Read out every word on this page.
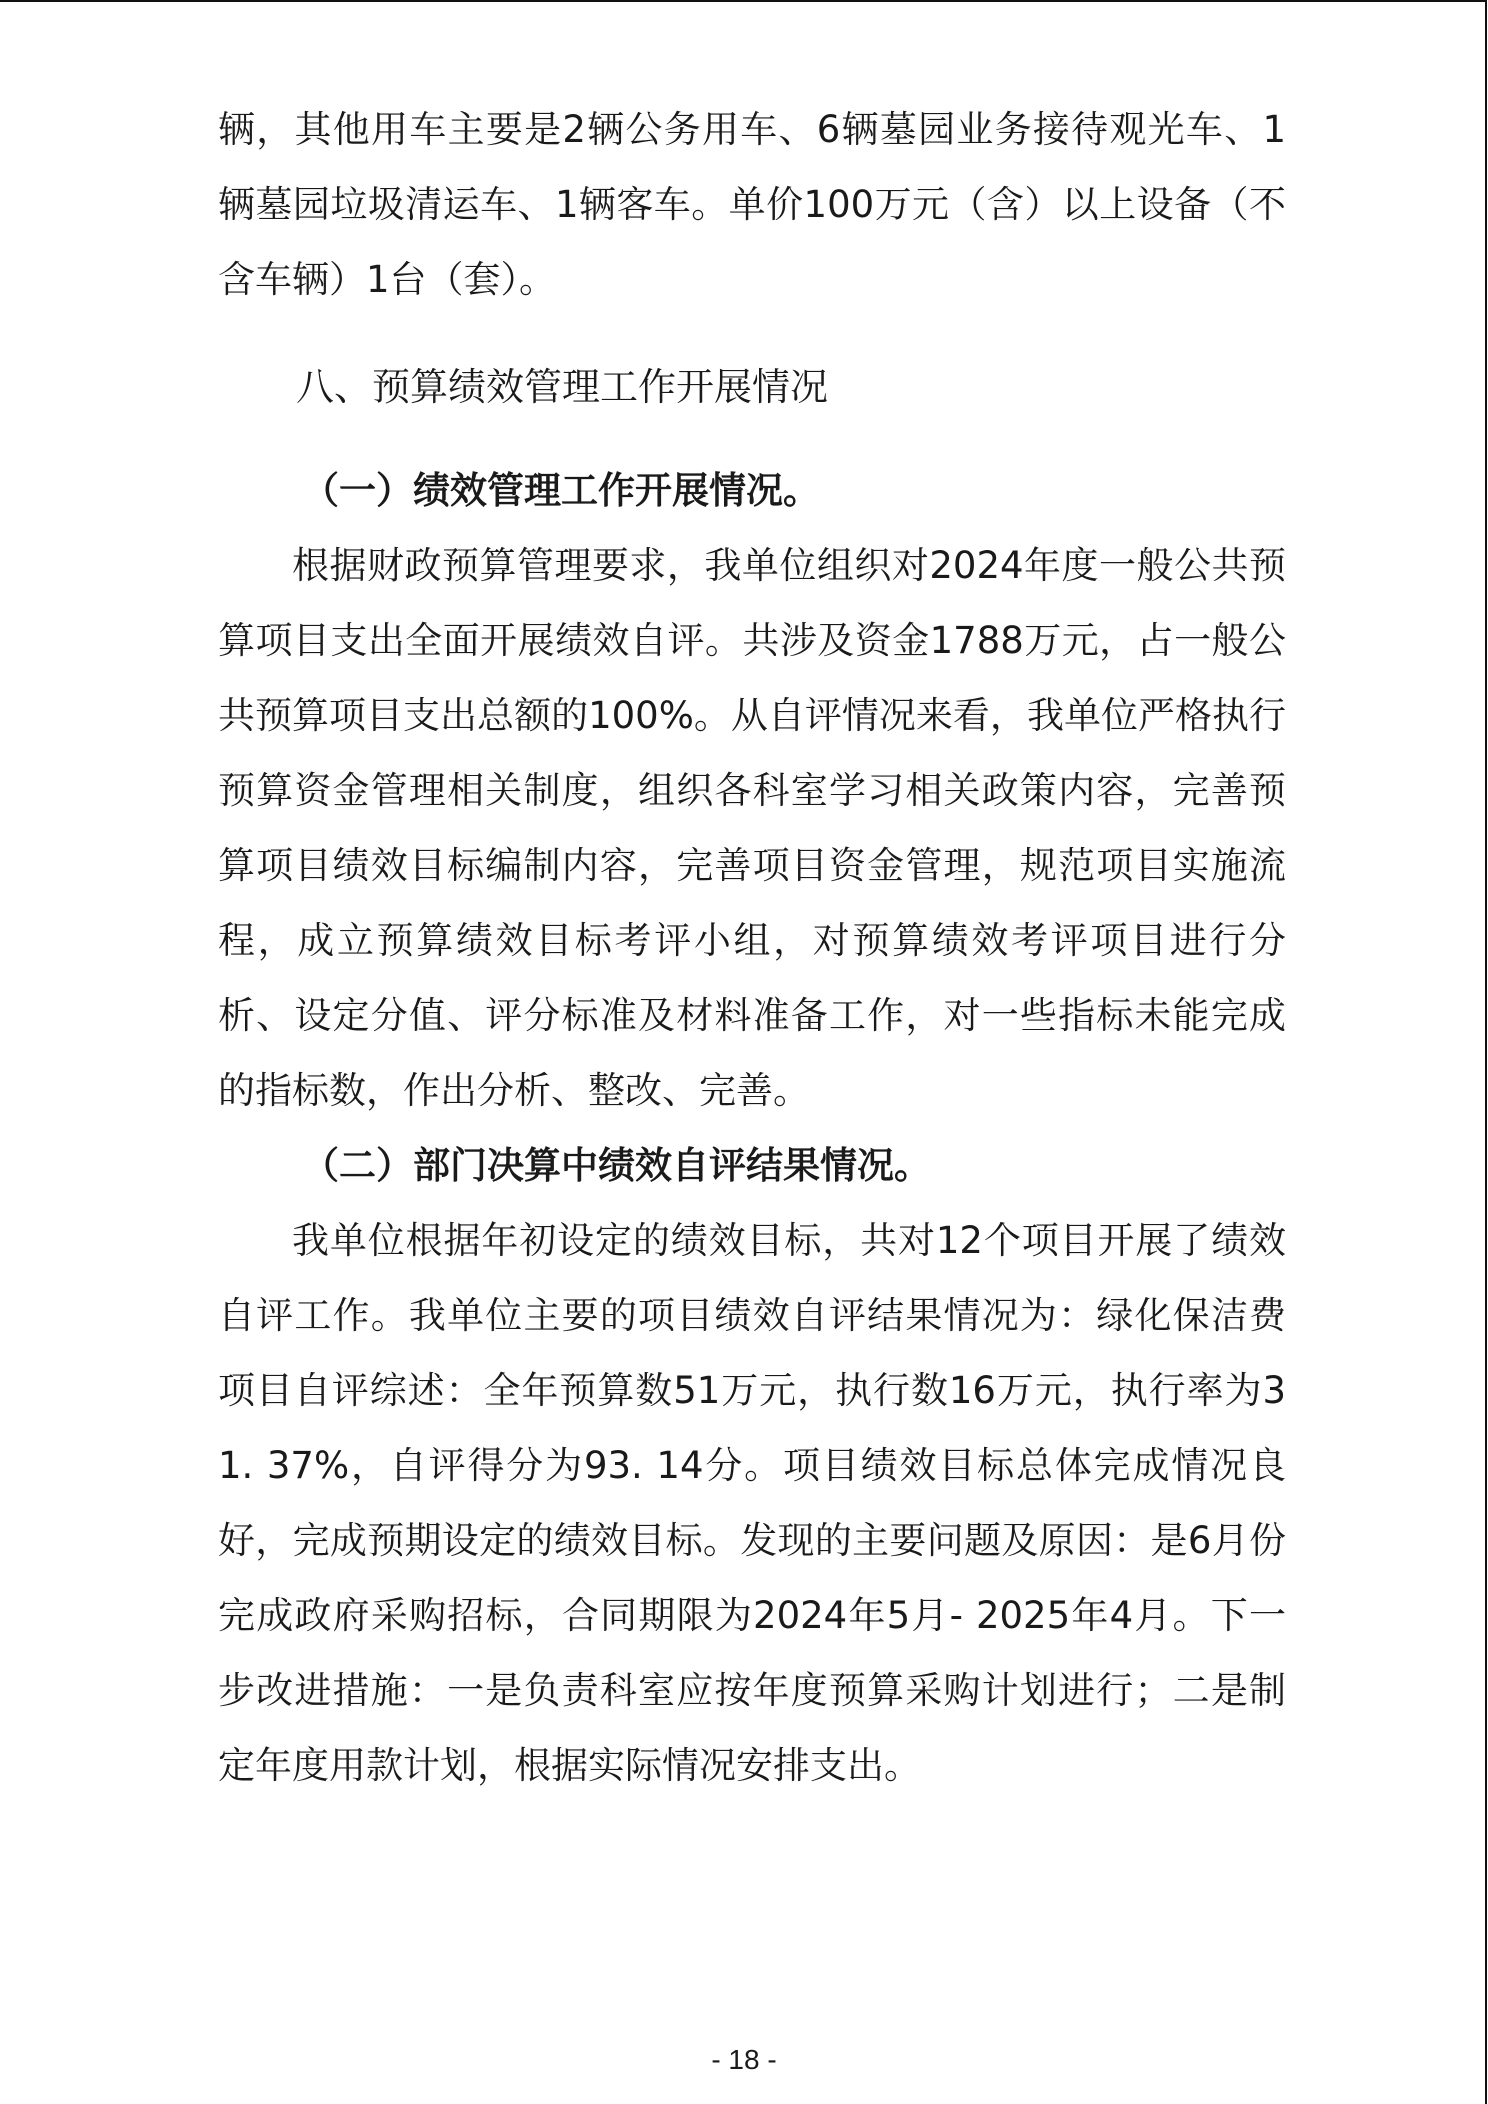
辆，其他用车主要是2辆公务用车、6辆墓园业务接待观光车、1辆墓园垃圾清运车、1辆客车。单价100万元（含）以上设备（不含车辆）1台（套）。

八、预算绩效管理工作开展情况
（一）绩效管理工作开展情况。

根据财政预算管理要求，我单位组织对2024年度一般公共预算项目支出全面开展绩效自评。共涉及资金1788万元，占一般公共预算项目支出总额的100%。从自评情况来看，我单位严格执行预算资金管理相关制度，组织各科室学习相关政策内容，完善预算项目绩效目标编制内容，完善项目资金管理，规范项目实施流程，成立预算绩效目标考评小组，对预算绩效考评项目进行分析、设定分值、评分标准及材料准备工作，对一些指标未能完成的指标数，作出分析、整改、完善。

（二）部门决算中绩效自评结果情况。

我单位根据年初设定的绩效目标，共对12个项目开展了绩效自评工作。我单位主要的项目绩效自评结果情况为：绿化保洁费项目自评综述：全年预算数51万元，执行数16万元，执行率为31. 37%，自评得分为93. 14分。项目绩效目标总体完成情况良好，完成预期设定的绩效目标。发现的主要问题及原因：是6月份完成政府采购招标，合同期限为2024年5月- 2025年4月。下一步改进措施：一是负责科室应按年度预算采购计划进行；二是制定年度用款计划，根据实际情况安排支出。

- 18 -
